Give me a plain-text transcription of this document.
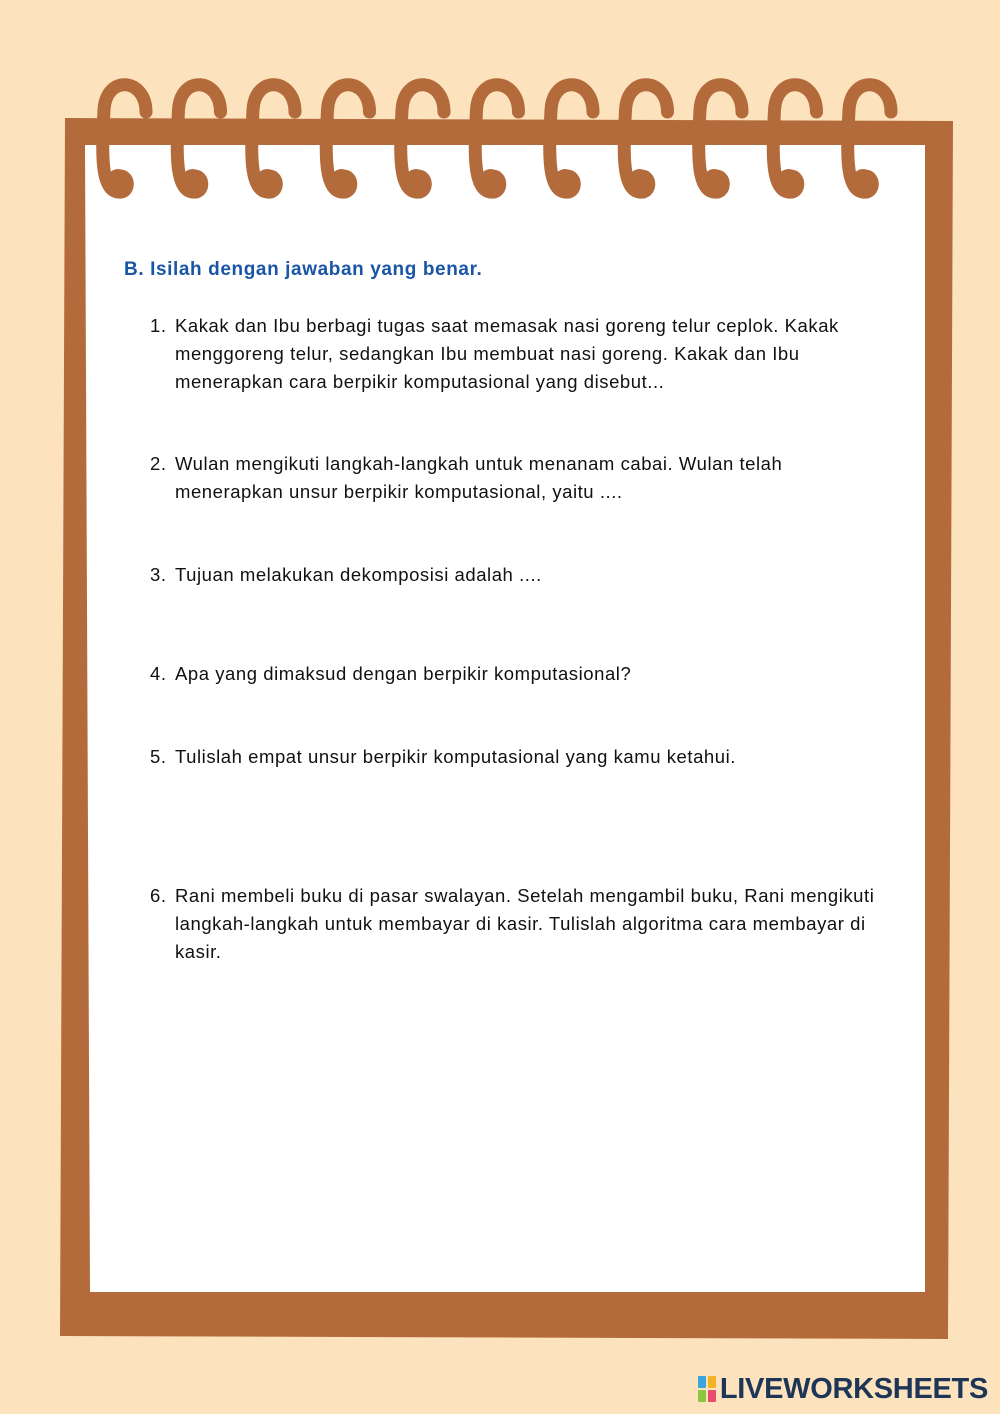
B. Isilah dengan jawaban yang benar.
1. Kakak dan Ibu berbagi tugas saat memasak nasi goreng telur ceplok. Kakak menggoreng telur, sedangkan Ibu membuat nasi goreng. Kakak dan Ibu menerapkan cara berpikir komputasional yang disebut...
2. Wulan mengikuti langkah-langkah untuk menanam cabai. Wulan telah menerapkan unsur berpikir komputasional, yaitu ....
3. Tujuan melakukan dekomposisi adalah ....
4. Apa yang dimaksud dengan berpikir komputasional?
5. Tulislah empat unsur berpikir komputasional yang kamu ketahui.
6. Rani membeli buku di pasar swalayan. Setelah mengambil buku, Rani mengikuti langkah-langkah untuk membayar di kasir. Tulislah algoritma cara membayar di kasir.
LIVEWORKSHEETS
